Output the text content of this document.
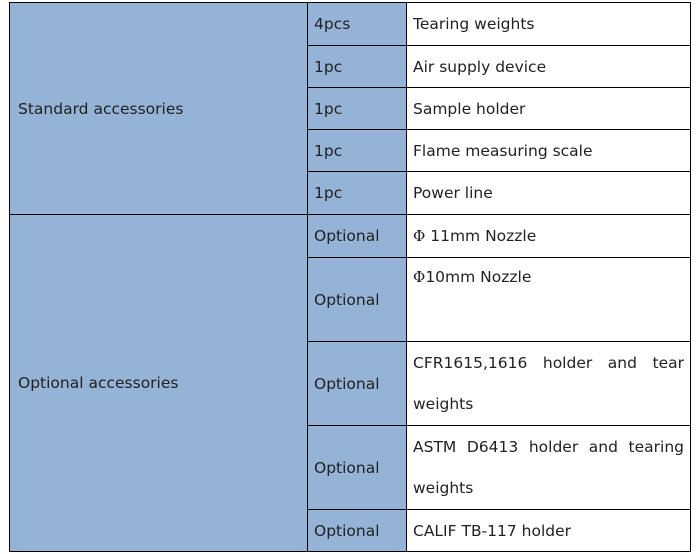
Standard accessories	4pcs	Tearing weights
	1pc	Air supply device
	1pc	Sample holder
	1pc	Flame measuring scale
	1pc	Power line
Optional accessories	Optional	Φ 11mm Nozzle
	Optional	Φ10mm Nozzle
	Optional	CFR1615,1616 holder and tear weights
	Optional	ASTM D6413 holder and tearing weights
	Optional	CALIF TB-117 holder
